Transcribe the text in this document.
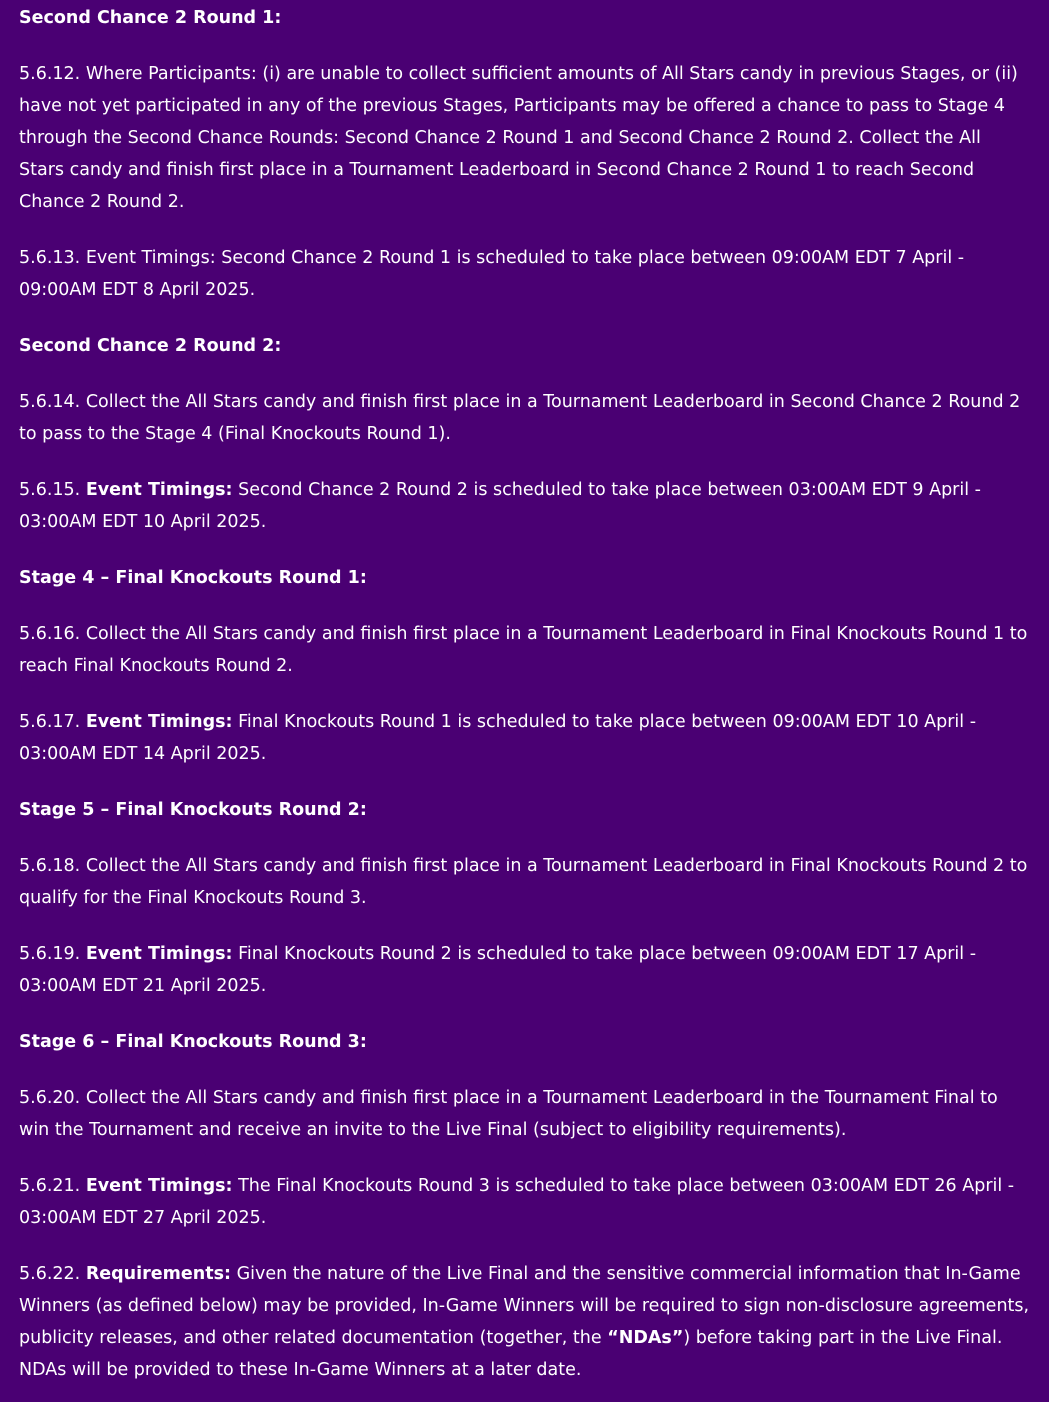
Second Chance 2 Round 1:

5.6.12. Where Participants: (i) are unable to collect sufficient amounts of All Stars candy in previous Stages, or (ii) have not yet participated in any of the previous Stages, Participants may be offered a chance to pass to Stage 4 through the Second Chance Rounds: Second Chance 2 Round 1 and Second Chance 2 Round 2. Collect the All Stars candy and finish first place in a Tournament Leaderboard in Second Chance 2 Round 1 to reach Second Chance 2 Round 2.

5.6.13. Event Timings: Second Chance 2 Round 1 is scheduled to take place between 09:00AM EDT 7 April - 09:00AM EDT 8 April 2025.

Second Chance 2 Round 2:

5.6.14. Collect the All Stars candy and finish first place in a Tournament Leaderboard in Second Chance 2 Round 2 to pass to the Stage 4 (Final Knockouts Round 1).

5.6.15. Event Timings: Second Chance 2 Round 2 is scheduled to take place between 03:00AM EDT 9 April - 03:00AM EDT 10 April 2025.

Stage 4 – Final Knockouts Round 1:

5.6.16. Collect the All Stars candy and finish first place in a Tournament Leaderboard in Final Knockouts Round 1 to reach Final Knockouts Round 2.

5.6.17. Event Timings: Final Knockouts Round 1 is scheduled to take place between 09:00AM EDT 10 April - 03:00AM EDT 14 April 2025.

Stage 5 – Final Knockouts Round 2:

5.6.18. Collect the All Stars candy and finish first place in a Tournament Leaderboard in Final Knockouts Round 2 to qualify for the Final Knockouts Round 3.

5.6.19. Event Timings: Final Knockouts Round 2 is scheduled to take place between 09:00AM EDT 17 April - 03:00AM EDT 21 April 2025.

Stage 6 – Final Knockouts Round 3:

5.6.20. Collect the All Stars candy and finish first place in a Tournament Leaderboard in the Tournament Final to win the Tournament and receive an invite to the Live Final (subject to eligibility requirements).

5.6.21. Event Timings: The Final Knockouts Round 3 is scheduled to take place between 03:00AM EDT 26 April - 03:00AM EDT 27 April 2025.

5.6.22. Requirements: Given the nature of the Live Final and the sensitive commercial information that In-Game Winners (as defined below) may be provided, In-Game Winners will be required to sign non-disclosure agreements, publicity releases, and other related documentation (together, the “NDAs”) before taking part in the Live Final. NDAs will be provided to these In-Game Winners at a later date.
